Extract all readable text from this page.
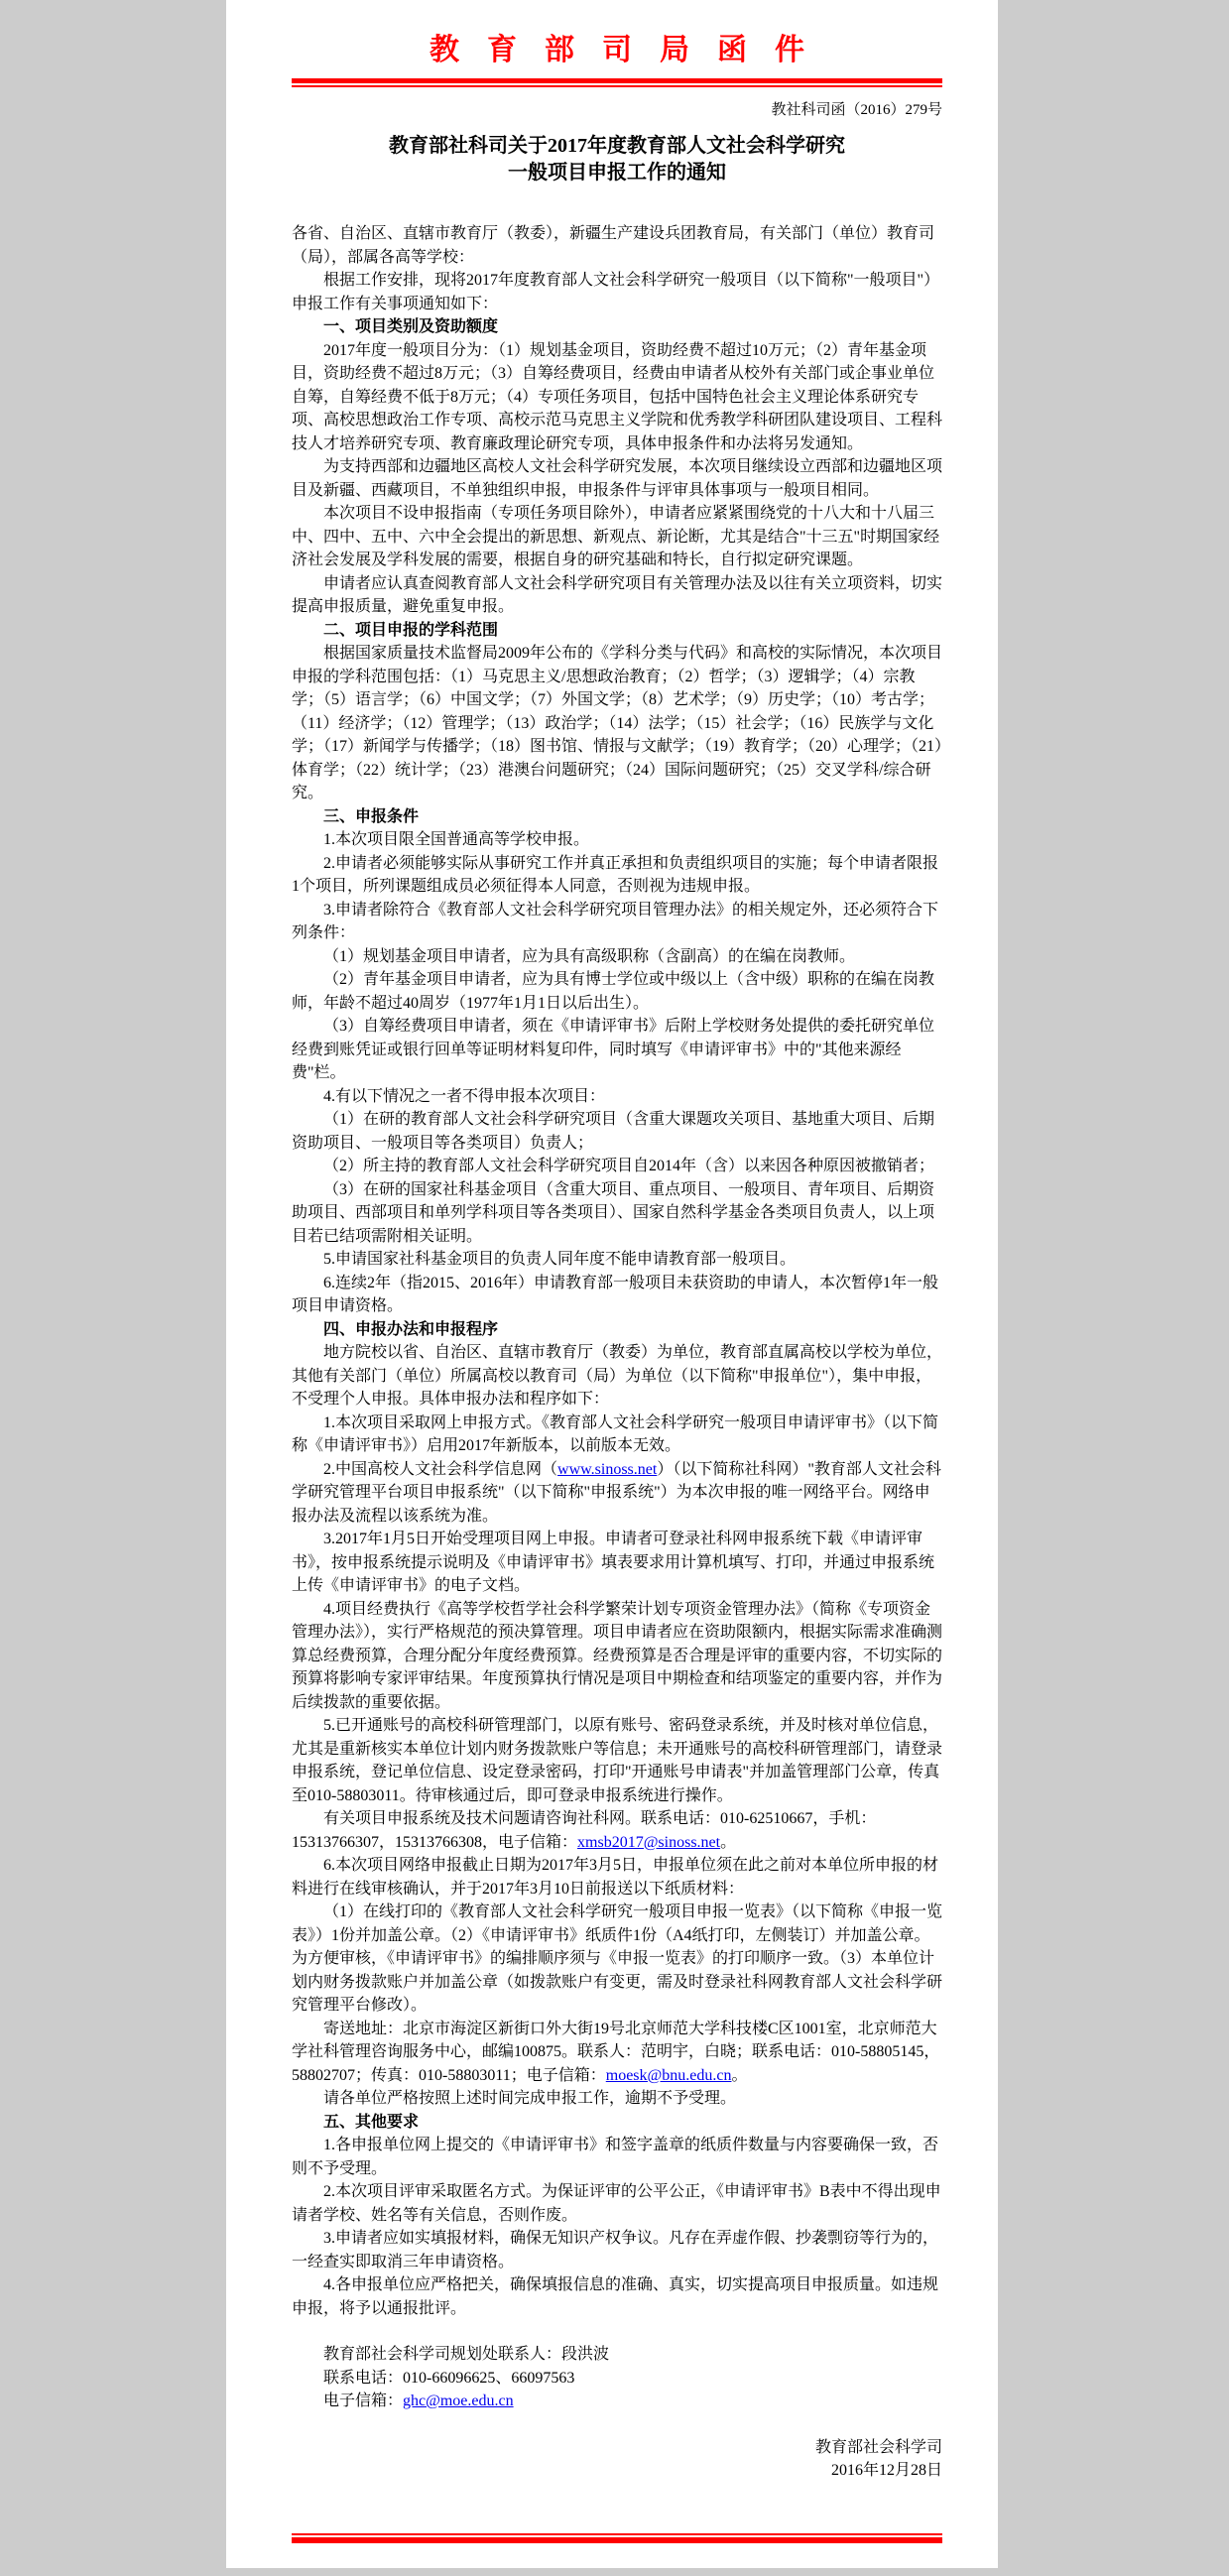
教育部司局函件
教社科司函（2016）279号
教育部社科司关于2017年度教育部人文社会科学研究
一般项目申报工作的通知

各省、自治区、直辖市教育厅（教委），新疆生产建设兵团教育局，有关部门（单位）教育司（局），部属各高等学校：

根据工作安排，现将2017年度教育部人文社会科学研究一般项目（以下简称"一般项目"）申报工作有关事项通知如下：

一、项目类别及资助额度

2017年度一般项目分为：（1）规划基金项目，资助经费不超过10万元；（2）青年基金项目，资助经费不超过8万元；（3）自筹经费项目，经费由申请者从校外有关部门或企事业单位自筹，自筹经费不低于8万元；（4）专项任务项目，包括中国特色社会主义理论体系研究专项、高校思想政治工作专项、高校示范马克思主义学院和优秀教学科研团队建设项目、工程科技人才培养研究专项、教育廉政理论研究专项，具体申报条件和办法将另发通知。

为支持西部和边疆地区高校人文社会科学研究发展，本次项目继续设立西部和边疆地区项目及新疆、西藏项目，不单独组织申报，申报条件与评审具体事项与一般项目相同。

本次项目不设申报指南（专项任务项目除外），申请者应紧紧围绕党的十八大和十八届三中、四中、五中、六中全会提出的新思想、新观点、新论断，尤其是结合"十三五"时期国家经济社会发展及学科发展的需要，根据自身的研究基础和特长，自行拟定研究课题。

申请者应认真查阅教育部人文社会科学研究项目有关管理办法及以往有关立项资料，切实提高申报质量，避免重复申报。

二、项目申报的学科范围

根据国家质量技术监督局2009年公布的《学科分类与代码》和高校的实际情况，本次项目申报的学科范围包括：（1）马克思主义/思想政治教育；（2）哲学；（3）逻辑学；（4）宗教学；（5）语言学；（6）中国文学；（7）外国文学；（8）艺术学；（9）历史学；（10）考古学；（11）经济学；（12）管理学；（13）政治学；（14）法学；（15）社会学；（16）民族学与文化学；（17）新闻学与传播学；（18）图书馆、情报与文献学；（19）教育学；（20）心理学；（21）体育学；（22）统计学；（23）港澳台问题研究；（24）国际问题研究；（25）交叉学科/综合研究。

三、申报条件

1.本次项目限全国普通高等学校申报。

2.申请者必须能够实际从事研究工作并真正承担和负责组织项目的实施；每个申请者限报1个项目，所列课题组成员必须征得本人同意，否则视为违规申报。

3.申请者除符合《教育部人文社会科学研究项目管理办法》的相关规定外，还必须符合下列条件：

（1）规划基金项目申请者，应为具有高级职称（含副高）的在编在岗教师。

（2）青年基金项目申请者，应为具有博士学位或中级以上（含中级）职称的在编在岗教师，年龄不超过40周岁（1977年1月1日以后出生）。

（3）自筹经费项目申请者，须在《申请评审书》后附上学校财务处提供的委托研究单位经费到账凭证或银行回单等证明材料复印件，同时填写《申请评审书》中的"其他来源经费"栏。

4.有以下情况之一者不得申报本次项目：

（1）在研的教育部人文社会科学研究项目（含重大课题攻关项目、基地重大项目、后期资助项目、一般项目等各类项目）负责人；

（2）所主持的教育部人文社会科学研究项目自2014年（含）以来因各种原因被撤销者；

（3）在研的国家社科基金项目（含重大项目、重点项目、一般项目、青年项目、后期资助项目、西部项目和单列学科项目等各类项目）、国家自然科学基金各类项目负责人，以上项目若已结项需附相关证明。

5.申请国家社科基金项目的负责人同年度不能申请教育部一般项目。

6.连续2年（指2015、2016年）申请教育部一般项目未获资助的申请人，本次暂停1年一般项目申请资格。

四、申报办法和申报程序

地方院校以省、自治区、直辖市教育厅（教委）为单位，教育部直属高校以学校为单位，其他有关部门（单位）所属高校以教育司（局）为单位（以下简称"申报单位"），集中申报，不受理个人申报。具体申报办法和程序如下：

1.本次项目采取网上申报方式。《教育部人文社会科学研究一般项目申请评审书》（以下简称《申请评审书》）启用2017年新版本，以前版本无效。

2.中国高校人文社会科学信息网（www.sinoss.net）（以下简称社科网）"教育部人文社会科学研究管理平台项目申报系统"（以下简称"申报系统"）为本次申报的唯一网络平台。网络申报办法及流程以该系统为准。

3.2017年1月5日开始受理项目网上申报。申请者可登录社科网申报系统下载《申请评审书》，按申报系统提示说明及《申请评审书》填表要求用计算机填写、打印，并通过申报系统上传《申请评审书》的电子文档。

4.项目经费执行《高等学校哲学社会科学繁荣计划专项资金管理办法》（简称《专项资金管理办法》），实行严格规范的预决算管理。项目申请者应在资助限额内，根据实际需求准确测算总经费预算，合理分配分年度经费预算。经费预算是否合理是评审的重要内容，不切实际的预算将影响专家评审结果。年度预算执行情况是项目中期检查和结项鉴定的重要内容，并作为后续拨款的重要依据。

5.已开通账号的高校科研管理部门，以原有账号、密码登录系统，并及时核对单位信息，尤其是重新核实本单位计划内财务拨款账户等信息；未开通账号的高校科研管理部门，请登录申报系统，登记单位信息、设定登录密码，打印"开通账号申请表"并加盖管理部门公章，传真至010-58803011。待审核通过后，即可登录申报系统进行操作。

有关项目申报系统及技术问题请咨询社科网。联系电话：010-62510667，手机：15313766307，15313766308，电子信箱：xmsb2017@sinoss.net。

6.本次项目网络申报截止日期为2017年3月5日，申报单位须在此之前对本单位所申报的材料进行在线审核确认，并于2017年3月10日前报送以下纸质材料：

（1）在线打印的《教育部人文社会科学研究一般项目申报一览表》（以下简称《申报一览表》）1份并加盖公章。（2）《申请评审书》纸质件1份（A4纸打印，左侧装订）并加盖公章。为方便审核，《申请评审书》的编排顺序须与《申报一览表》的打印顺序一致。（3）本单位计划内财务拨款账户并加盖公章（如拨款账户有变更，需及时登录社科网教育部人文社会科学研究管理平台修改）。

寄送地址：北京市海淀区新街口外大街19号北京师范大学科技楼C区1001室，北京师范大学社科管理咨询服务中心，邮编100875。联系人：范明宇，白晓；联系电话：010-58805145，58802707；传真：010-58803011；电子信箱：moesk@bnu.edu.cn。

请各单位严格按照上述时间完成申报工作，逾期不予受理。

五、其他要求

1.各申报单位网上提交的《申请评审书》和签字盖章的纸质件数量与内容要确保一致，否则不予受理。

2.本次项目评审采取匿名方式。为保证评审的公平公正，《申请评审书》B表中不得出现申请者学校、姓名等有关信息，否则作废。

3.申请者应如实填报材料，确保无知识产权争议。凡存在弄虚作假、抄袭剽窃等行为的，一经查实即取消三年申请资格。

4.各申报单位应严格把关，确保填报信息的准确、真实，切实提高项目申报质量。如违规申报，将予以通报批评。

教育部社会科学司规划处联系人：段洪波

联系电话：010-66096625、66097563

电子信箱：ghc@moe.edu.cn

教育部社会科学司
2016年12月28日
